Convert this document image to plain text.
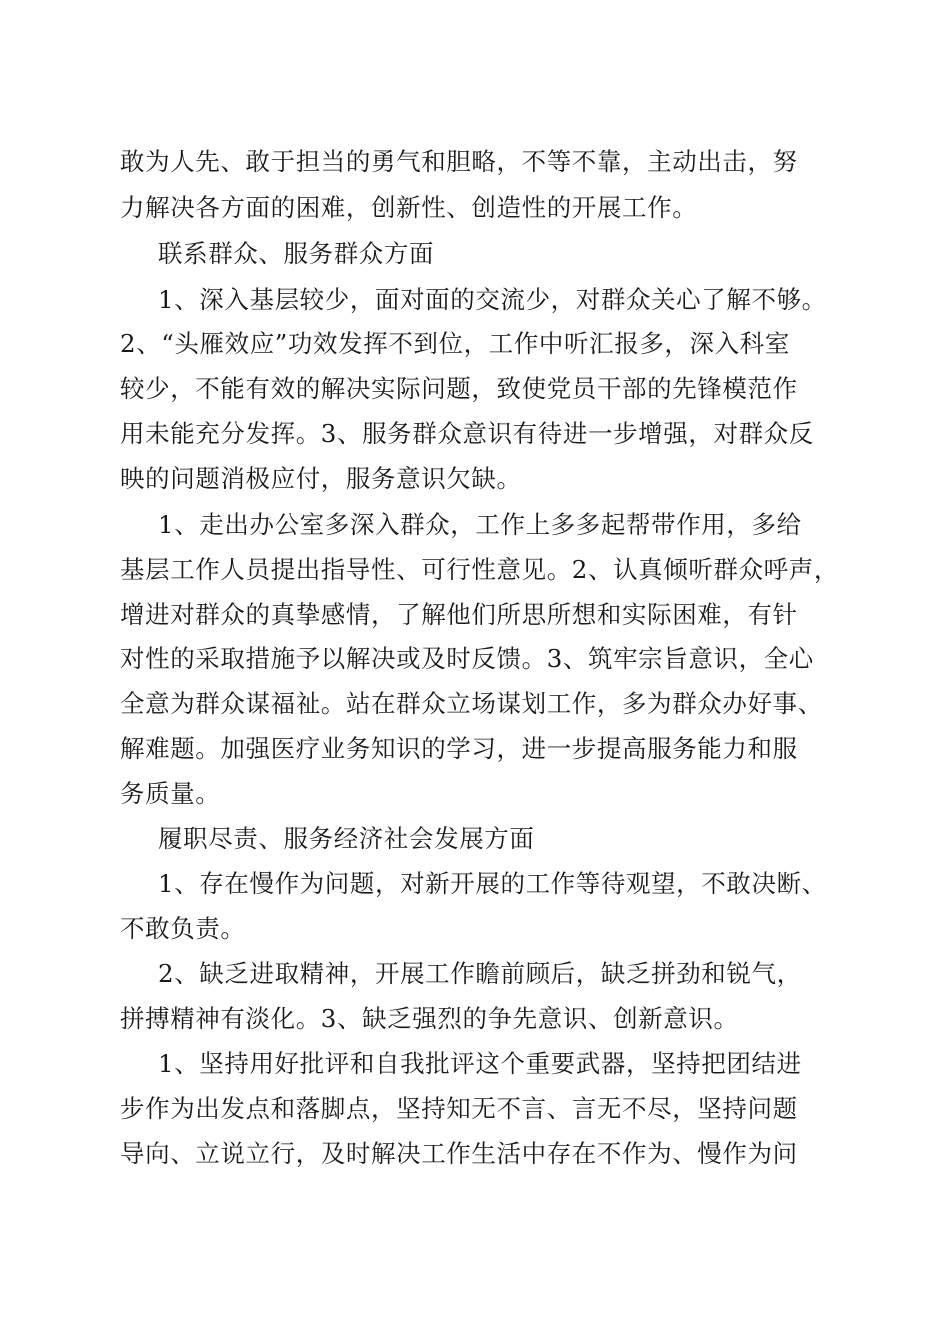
敢为人先、敢于担当的勇气和胆略，不等不靠，主动出击，努
力解决各方面的困难，创新性、创造性的开展工作。
联系群众、服务群众方面
1、深入基层较少，面对面的交流少，对群众关心了解不够。
2、“头雁效应”功效发挥不到位，工作中听汇报多，深入科室
较少，不能有效的解决实际问题，致使党员干部的先锋模范作
用未能充分发挥。3、服务群众意识有待进一步增强，对群众反
映的问题消极应付，服务意识欠缺。
1、走出办公室多深入群众，工作上多多起帮带作用，多给
基层工作人员提出指导性、可行性意见。2、认真倾听群众呼声，
增进对群众的真挚感情，了解他们所思所想和实际困难，有针
对性的采取措施予以解决或及时反馈。3、筑牢宗旨意识，全心
全意为群众谋福祉。站在群众立场谋划工作，多为群众办好事、
解难题。加强医疗业务知识的学习，进一步提高服务能力和服
务质量。
履职尽责、服务经济社会发展方面
1、存在慢作为问题，对新开展的工作等待观望，不敢决断、
不敢负责。
2、缺乏进取精神，开展工作瞻前顾后，缺乏拼劲和锐气，
拼搏精神有淡化。3、缺乏强烈的争先意识、创新意识。
1、坚持用好批评和自我批评这个重要武器，坚持把团结进
步作为出发点和落脚点，坚持知无不言、言无不尽，坚持问题
导向、立说立行，及时解决工作生活中存在不作为、慢作为问
